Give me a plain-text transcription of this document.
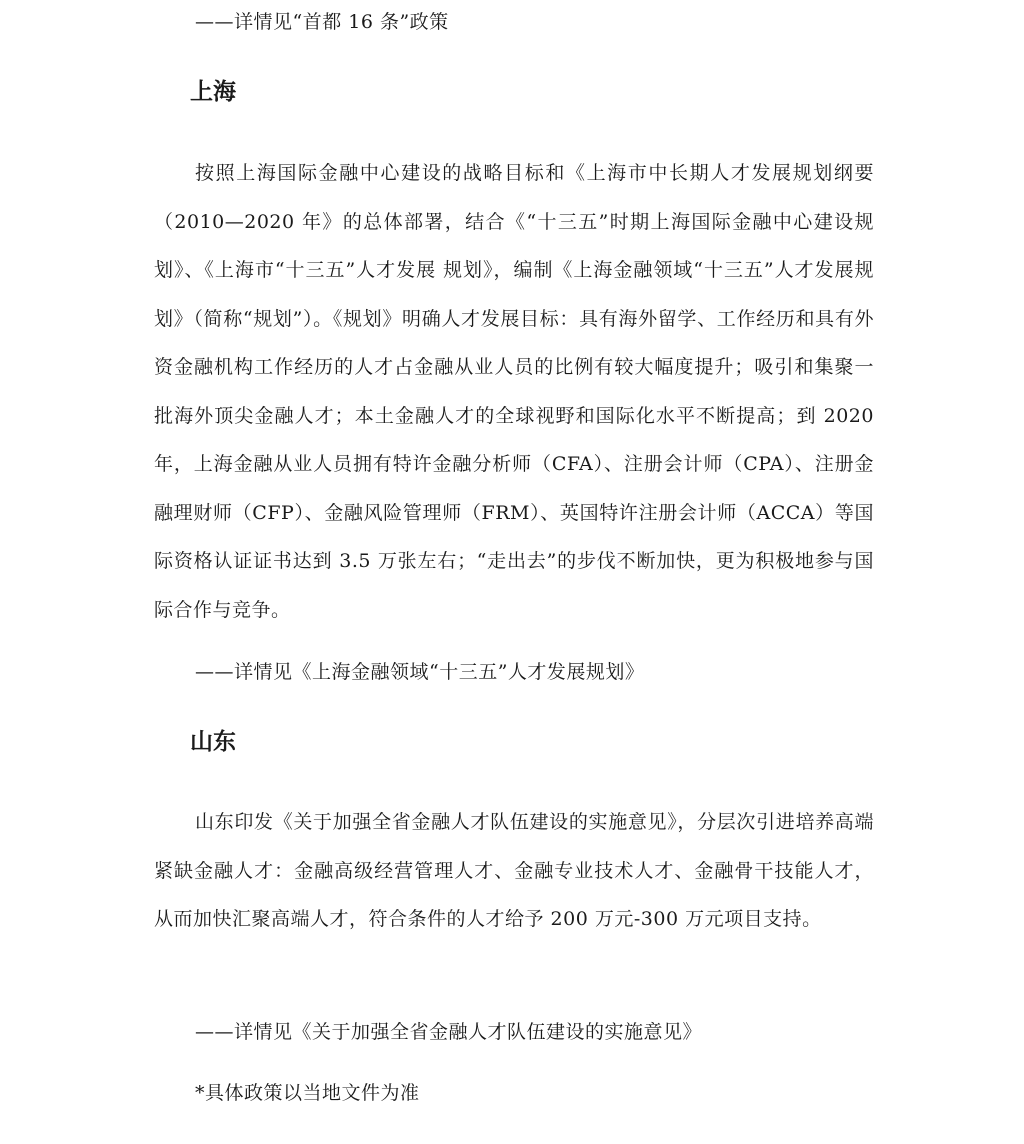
——详情见“首都 16 条”政策
上海

按照上海国际金融中心建设的战略目标和《上海市中长期人才发展规划纲要（2010—2020 年》的总体部署，结合《“十三五”时期上海国际金融中心建设规划》、《上海市“十三五”人才发展 规划》，编制《上海金融领域“十三五”人才发展规划》（简称“规划”）。《规划》明确人才发展目标：具有海外留学、工作经历和具有外资金融机构工作经历的人才占金融从业人员的比例有较大幅度提升；吸引和集聚一批海外顶尖金融人才；本土金融人才的全球视野和国际化水平不断提高；到 2020 年，上海金融从业人员拥有特许金融分析师（CFA）、注册会计师（CPA）、注册金融理财师（CFP）、金融风险管理师（FRM）、英国特许注册会计师（ACCA）等国际资格认证证书达到 3.5 万张左右；“走出去”的步伐不断加快，更为积极地参与国际合作与竞争。

——详情见《上海金融领域“十三五”人才发展规划》
山东

山东印发《关于加强全省金融人才队伍建设的实施意见》，分层次引进培养高端紧缺金融人才：金融高级经营管理人才、金融专业技术人才、金融骨干技能人才，从而加快汇聚高端人才，符合条件的人才给予 200 万元-300 万元项目支持。

——详情见《关于加强全省金融人才队伍建设的实施意见》
*具体政策以当地文件为准
